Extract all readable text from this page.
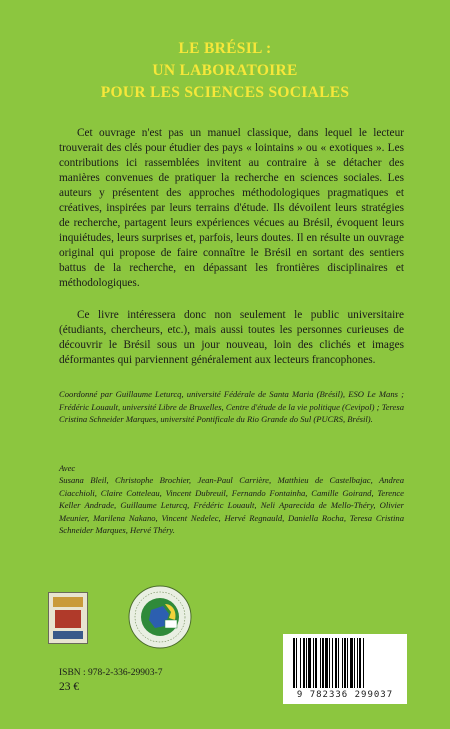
LE BRÉSIL :
UN LABORATOIRE
POUR LES SCIENCES SOCIALES

Cet ouvrage n'est pas un manuel classique, dans lequel le lecteur trouverait des clés pour étudier des pays « lointains » ou « exotiques ». Les contributions ici rassemblées invitent au contraire à se détacher des manières convenues de pratiquer la recherche en sciences sociales. Les auteurs y présentent des approches méthodologiques pragmatiques et créatives, inspirées par leurs terrains d'étude. Ils dévoilent leurs stratégies de recherche, partagent leurs expériences vécues au Brésil, évoquent leurs inquiétudes, leurs surprises et, parfois, leurs doutes. Il en résulte un ouvrage original qui propose de faire connaître le Brésil en sortant des sentiers battus de la recherche, en dépassant les frontières disciplinaires et méthodologiques.

Ce livre intéressera donc non seulement le public universitaire (étudiants, chercheurs, etc.), mais aussi toutes les personnes curieuses de découvrir le Brésil sous un jour nouveau, loin des clichés et images déformantes qui parviennent généralement aux lecteurs francophones.

Coordonné par Guillaume Leturcq, université Fédérale de Santa Maria (Brésil), ESO Le Mans ; Frédéric Louault, université Libre de Bruxelles, Centre d'étude de la vie politique (Cevipol) ; Teresa Cristina Schneider Marques, université Pontificale du Rio Grande do Sul (PUCRS, Brésil).

Avec

Susana Bleil, Christophe Brochier, Jean-Paul Carrière, Matthieu de Castelbajac, Andrea Ciacchioli, Claire Cotteleau, Vincent Dubreuil, Fernando Fontainha, Camille Goirand, Terence Keller Andrade, Guillaume Leturcq, Frédéric Louault, Neli Aparecida de Mello-Théry, Olivier Meunier, Marilena Nakano, Vincent Nedelec, Hervé Regnauld, Daniella Rocha, Teresa Cristina Schneider Marques, Hervé Théry.

ISBN : 978-2-336-29903-7
23 €
9 782336 299037
